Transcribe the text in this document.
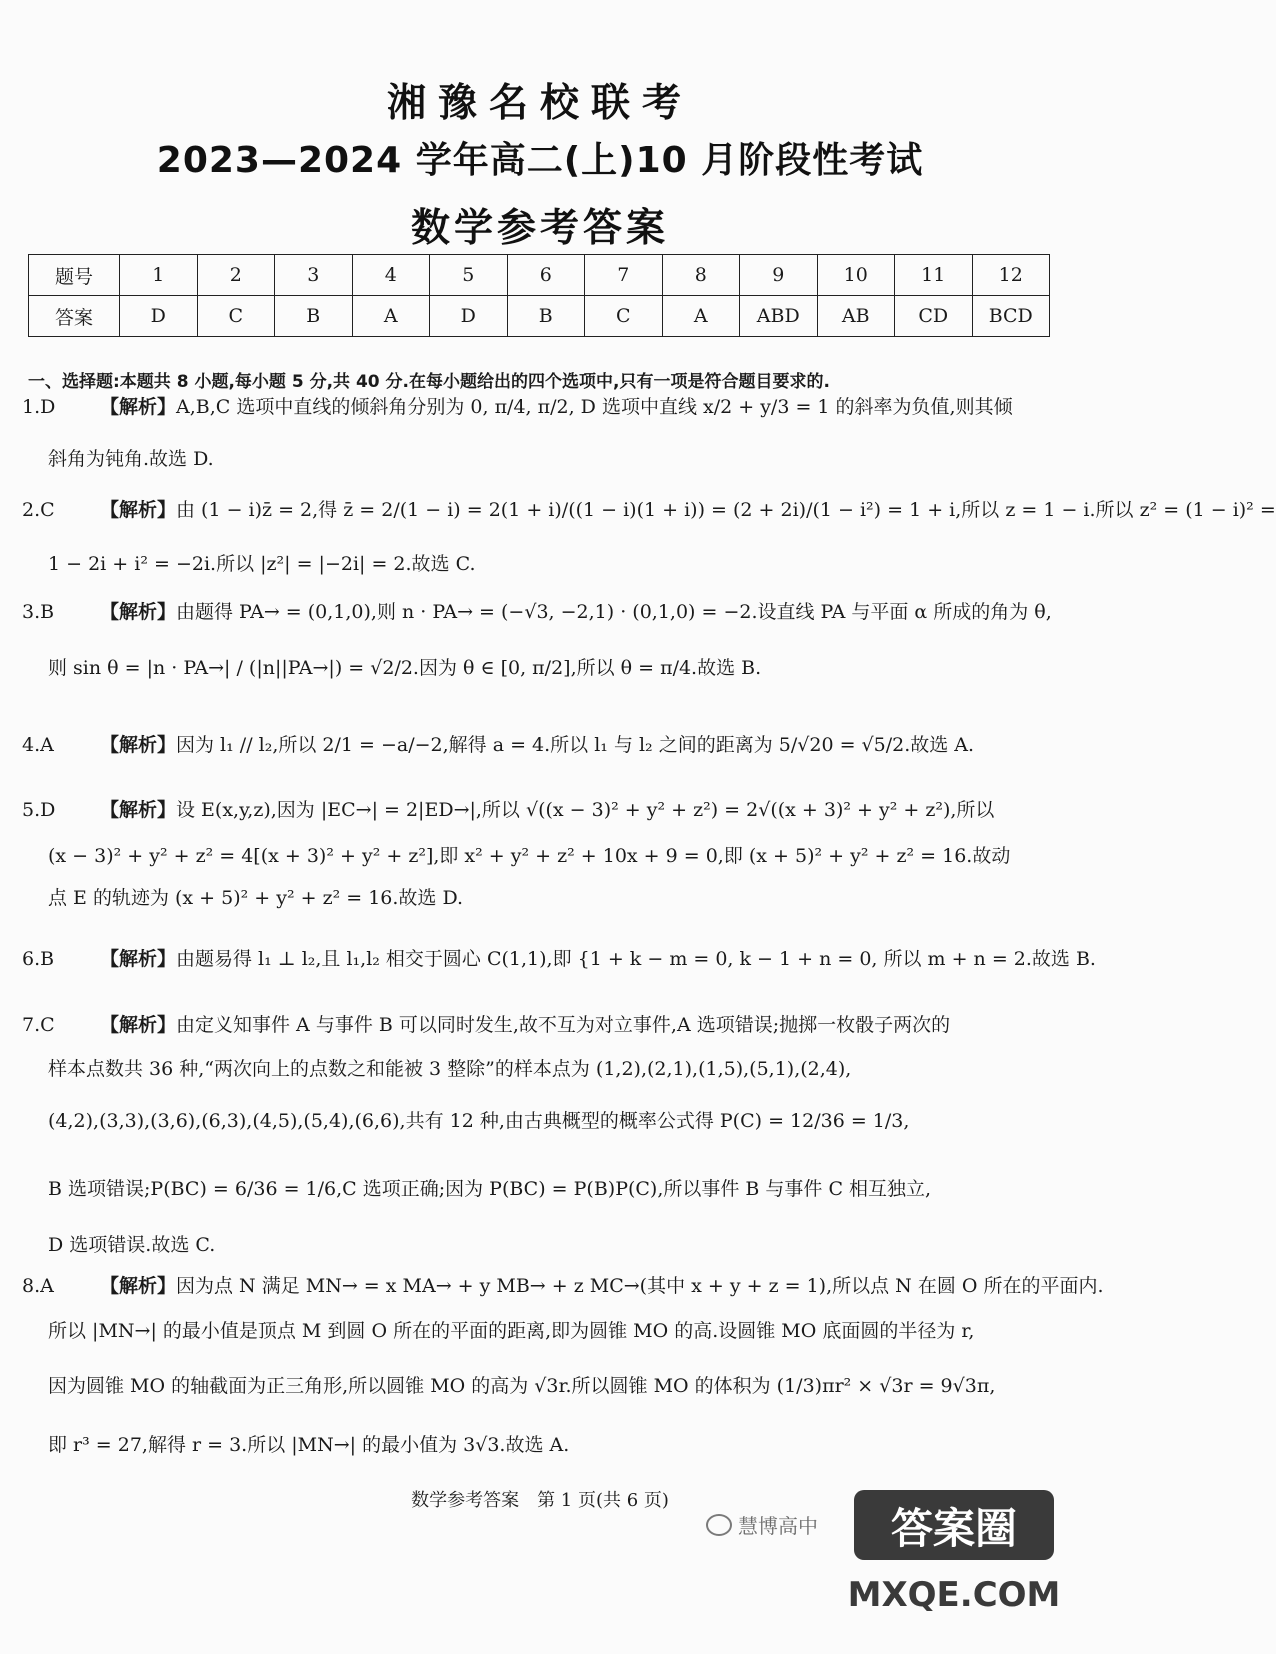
湘豫名校联考
2023—2024 学年高二(上)10 月阶段性考试
数学参考答案
题号	1	2	3	4	5	6	7	8	9	10	11	12
答案	D	C	B	A	D	B	C	A	ABD	AB	CD	BCD
一、选择题:本题共 8 小题,每小题 5 分,共 40 分.在每小题给出的四个选项中,只有一项是符合题目要求的.
1.D 【解析】A,B,C 选项中直线的倾斜角分别为 0, π/4, π/2, D 选项中直线 x/2 + y/3 = 1 的斜率为负值,则其倾
斜角为钝角.故选 D.
2.C 【解析】由 (1 − i)z̄ = 2,得 z̄ = 2/(1 − i) = 2(1 + i)/((1 − i)(1 + i)) = (2 + 2i)/(1 − i²) = 1 + i,所以 z = 1 − i.所以 z² = (1 − i)² =
1 − 2i + i² = −2i.所以 |z²| = |−2i| = 2.故选 C.
3.B 【解析】由题得 PA→ = (0,1,0),则 n · PA→ = (−√3, −2,1) · (0,1,0) = −2.设直线 PA 与平面 α 所成的角为 θ,
则 sin θ = |n · PA→| / (|n||PA→|) = √2/2.因为 θ ∈ [0, π/2],所以 θ = π/4.故选 B.
4.A 【解析】因为 l₁ // l₂,所以 2/1 = −a/−2,解得 a = 4.所以 l₁ 与 l₂ 之间的距离为 5/√20 = √5/2.故选 A.
5.D 【解析】设 E(x,y,z),因为 |EC→| = 2|ED→|,所以 √((x − 3)² + y² + z²) = 2√((x + 3)² + y² + z²),所以
(x − 3)² + y² + z² = 4[(x + 3)² + y² + z²],即 x² + y² + z² + 10x + 9 = 0,即 (x + 5)² + y² + z² = 16.故动
点 E 的轨迹为 (x + 5)² + y² + z² = 16.故选 D.
6.B 【解析】由题易得 l₁ ⊥ l₂,且 l₁,l₂ 相交于圆心 C(1,1),即 {1 + k − m = 0, k − 1 + n = 0, 所以 m + n = 2.故选 B.
7.C 【解析】由定义知事件 A 与事件 B 可以同时发生,故不互为对立事件,A 选项错误;抛掷一枚骰子两次的
样本点数共 36 种,“两次向上的点数之和能被 3 整除”的样本点为 (1,2),(2,1),(1,5),(5,1),(2,4),
(4,2),(3,3),(3,6),(6,3),(4,5),(5,4),(6,6),共有 12 种,由古典概型的概率公式得 P(C) = 12/36 = 1/3,
B 选项错误;P(BC) = 6/36 = 1/6,C 选项正确;因为 P(BC) = P(B)P(C),所以事件 B 与事件 C 相互独立,
D 选项错误.故选 C.
8.A 【解析】因为点 N 满足 MN→ = x MA→ + y MB→ + z MC→(其中 x + y + z = 1),所以点 N 在圆 O 所在的平面内.
所以 |MN→| 的最小值是顶点 M 到圆 O 所在的平面的距离,即为圆锥 MO 的高.设圆锥 MO 底面圆的半径为 r,
因为圆锥 MO 的轴截面为正三角形,所以圆锥 MO 的高为 √3r.所以圆锥 MO 的体积为 (1/3)πr² × √3r = 9√3π,
即 r³ = 27,解得 r = 3.所以 |MN→| 的最小值为 3√3.故选 A.
数学参考答案　第 1 页(共 6 页)
慧博高中 答案圈
MXQE.COM
